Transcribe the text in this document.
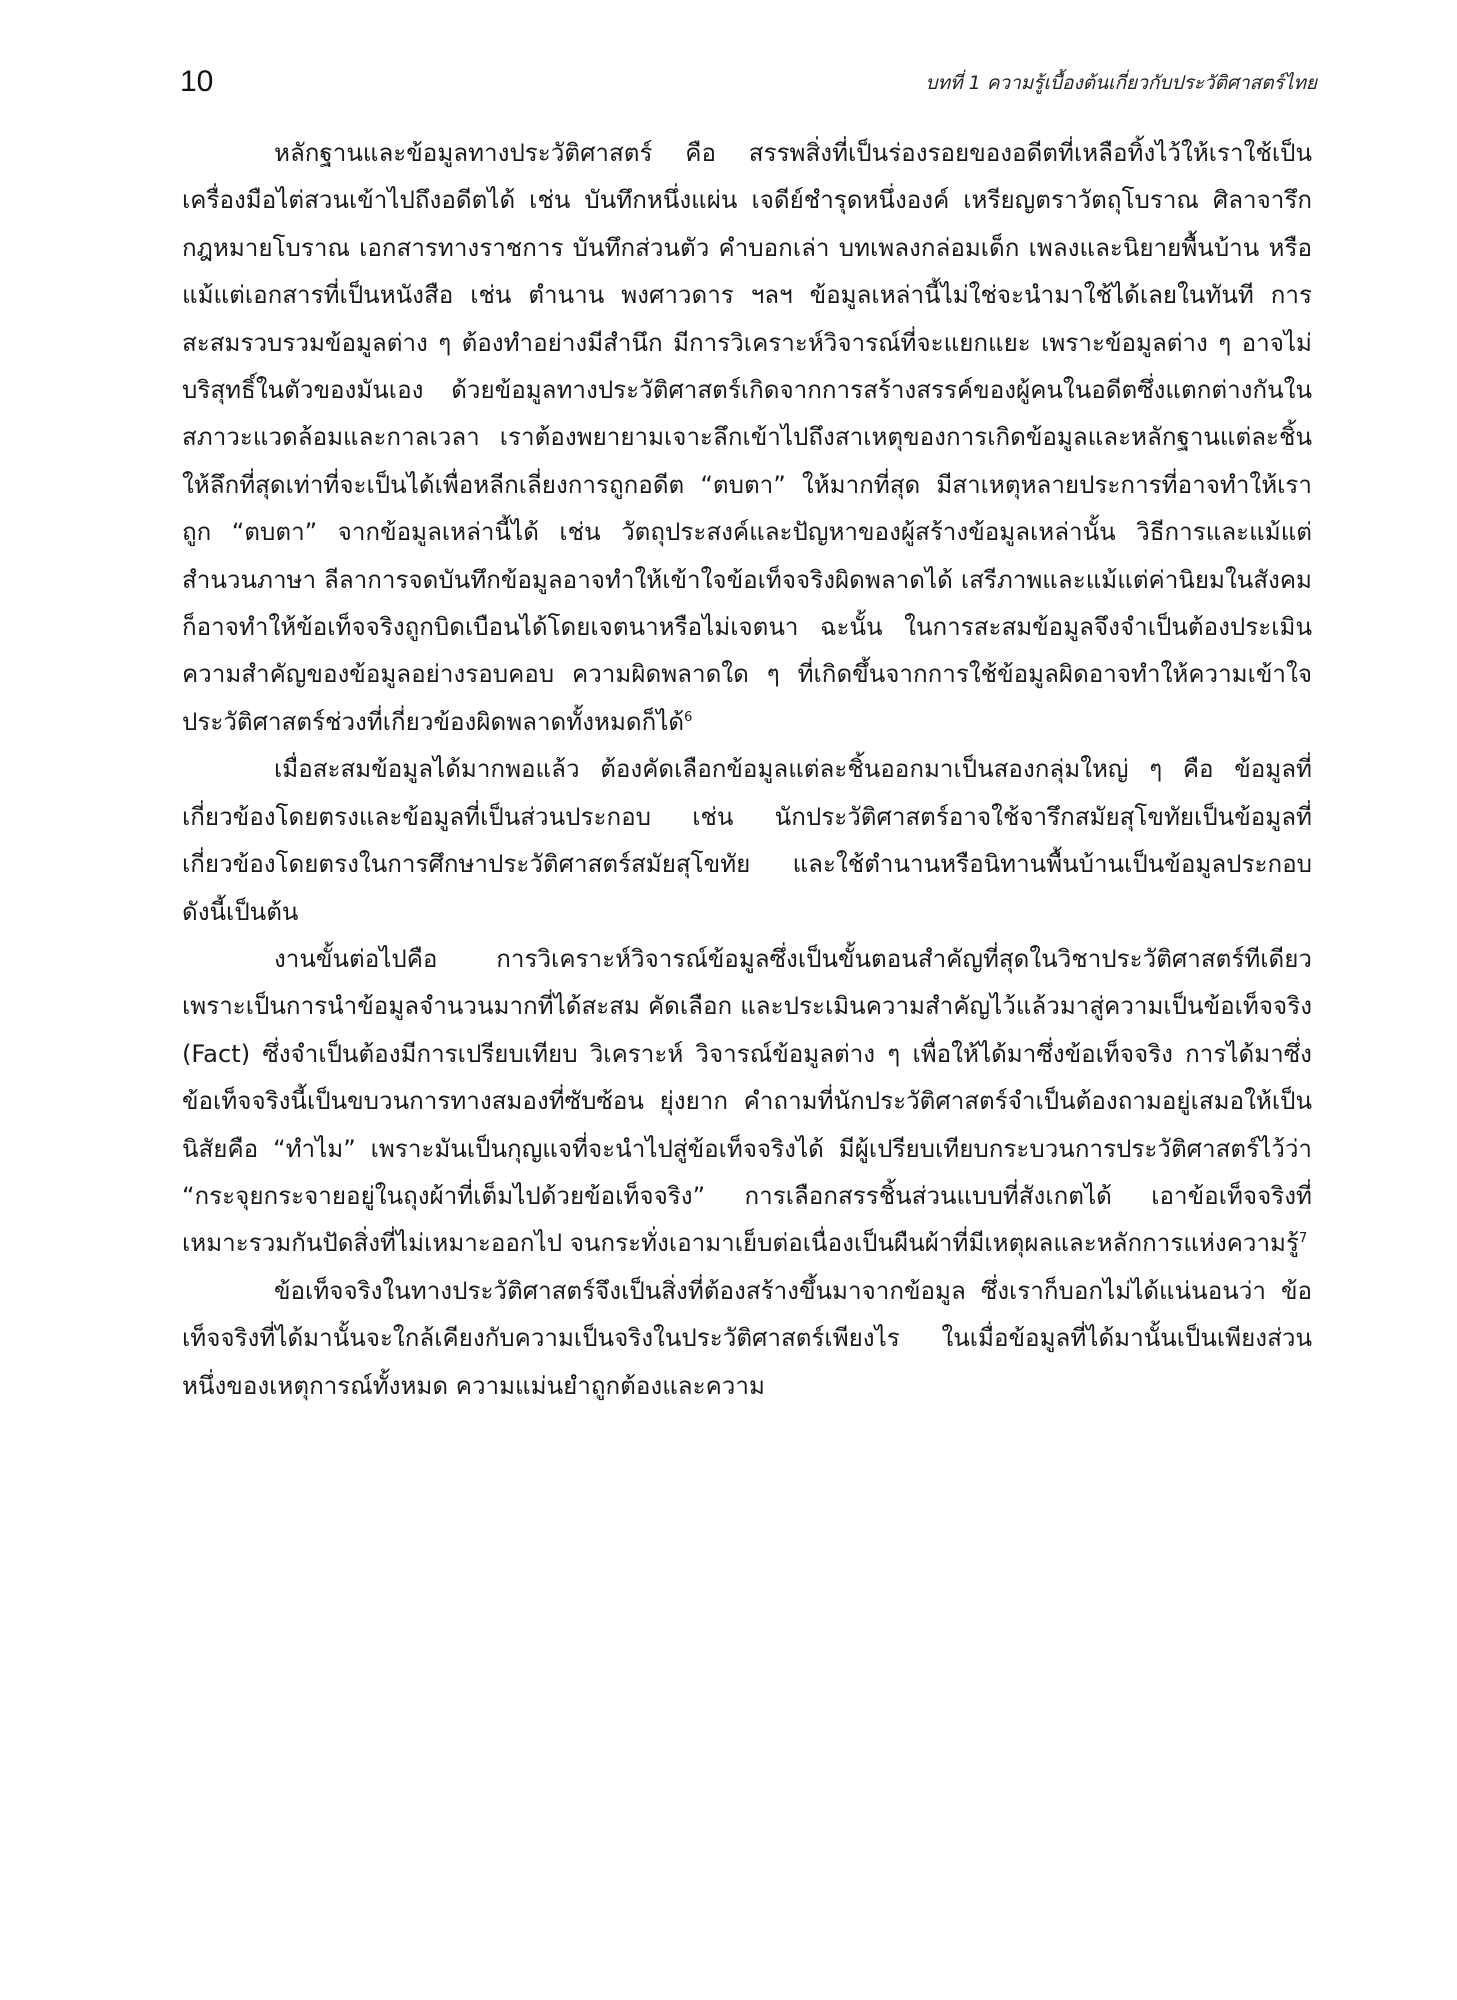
10	บทที่ 1 ความรู้เบื้องต้นเกี่ยวกับประวัติศาสตร์ไทย

หลักฐานและข้อมูลทางประวัติศาสตร์ คือ สรรพสิ่งที่เป็นร่องรอยของอดีตที่เหลือทิ้งไว้ให้เราใช้เป็นเครื่องมือไต่สวนเข้าไปถึงอดีตได้ เช่น บันทึกหนึ่งแผ่น เจดีย์ชำรุดหนึ่งองค์ เหรียญตราวัตถุโบราณ ศิลาจารึก กฎหมายโบราณ เอกสารทางราชการ บันทึกส่วนตัว คำบอกเล่า บทเพลงกล่อมเด็ก เพลงและนิยายพื้นบ้าน หรือแม้แต่เอกสารที่เป็นหนังสือ เช่น ตำนาน พงศาวดาร ฯลฯ ข้อมูลเหล่านี้ไม่ใช่จะนำมาใช้ได้เลยในทันที การสะสมรวบรวมข้อมูลต่าง ๆ ต้องทำอย่างมีสำนึก มีการวิเคราะห์วิจารณ์ที่จะแยกแยะ เพราะข้อมูลต่าง ๆ อาจไม่บริสุทธิ์ในตัวของมันเอง ด้วยข้อมูลทางประวัติศาสตร์เกิดจากการสร้างสรรค์ของผู้คนในอดีตซึ่งแตกต่างกันในสภาวะแวดล้อมและกาลเวลา เราต้องพยายามเจาะลึกเข้าไปถึงสาเหตุของการเกิดข้อมูลและหลักฐานแต่ละชิ้นให้ลึกที่สุดเท่าที่จะเป็นได้เพื่อหลีกเลี่ยงการถูกอดีต “ตบตา” ให้มากที่สุด มีสาเหตุหลายประการที่อาจทำให้เราถูก “ตบตา” จากข้อมูลเหล่านี้ได้ เช่น วัตถุประสงค์และปัญหาของผู้สร้างข้อมูลเหล่านั้น วิธีการและแม้แต่สำนวนภาษา ลีลาการจดบันทึกข้อมูลอาจทำให้เข้าใจข้อเท็จจริงผิดพลาดได้ เสรีภาพและแม้แต่ค่านิยมในสังคมก็อาจทำให้ข้อเท็จจริงถูกบิดเบือนได้โดยเจตนาหรือไม่เจตนา ฉะนั้น ในการสะสมข้อมูลจึงจำเป็นต้องประเมินความสำคัญของข้อมูลอย่างรอบคอบ ความผิดพลาดใด ๆ ที่เกิดขึ้นจากการใช้ข้อมูลผิดอาจทำให้ความเข้าใจประวัติศาสตร์ช่วงที่เกี่ยวข้องผิดพลาดทั้งหมดก็ได้$^6$

เมื่อสะสมข้อมูลได้มากพอแล้ว ต้องคัดเลือกข้อมูลแต่ละชิ้นออกมาเป็นสองกลุ่มใหญ่ ๆ คือ ข้อมูลที่เกี่ยวข้องโดยตรงและข้อมูลที่เป็นส่วนประกอบ เช่น นักประวัติศาสตร์อาจใช้จารึกสมัยสุโขทัยเป็นข้อมูลที่เกี่ยวข้องโดยตรงในการศึกษาประวัติศาสตร์สมัยสุโขทัย และใช้ตำนานหรือนิทานพื้นบ้านเป็นข้อมูลประกอบ ดังนี้เป็นต้น

งานขั้นต่อไปคือ การวิเคราะห์วิจารณ์ข้อมูลซึ่งเป็นขั้นตอนสำคัญที่สุดในวิชาประวัติศาสตร์ทีเดียว เพราะเป็นการนำข้อมูลจำนวนมากที่ได้สะสม คัดเลือก และประเมินความสำคัญไว้แล้วมาสู่ความเป็นข้อเท็จจริง (Fact) ซึ่งจำเป็นต้องมีการเปรียบเทียบ วิเคราะห์ วิจารณ์ข้อมูลต่าง ๆ เพื่อให้ได้มาซึ่งข้อเท็จจริง การได้มาซึ่งข้อเท็จจริงนี้เป็นขบวนการทางสมองที่ซับซ้อน ยุ่งยาก คำถามที่นักประวัติศาสตร์จำเป็นต้องถามอยู่เสมอให้เป็นนิสัยคือ “ทำไม” เพราะมันเป็นกุญแจที่จะนำไปสู่ข้อเท็จจริงได้ มีผู้เปรียบเทียบกระบวนการประวัติศาสตร์ไว้ว่า “กระจุยกระจายอยู่ในถุงผ้าที่เต็มไปด้วยข้อเท็จจริง” การเลือกสรรชิ้นส่วนแบบที่สังเกตได้ เอาข้อเท็จจริงที่เหมาะรวมกันปัดสิ่งที่ไม่เหมาะออกไป จนกระทั่งเอามาเย็บต่อเนื่องเป็นผืนผ้าที่มีเหตุผลและหลักการแห่งความรู้$^7$

ข้อเท็จจริงในทางประวัติศาสตร์จึงเป็นสิ่งที่ต้องสร้างขึ้นมาจากข้อมูล ซึ่งเราก็บอกไม่ได้แน่นอนว่า ข้อเท็จจริงที่ได้มานั้นจะใกล้เคียงกับความเป็นจริงในประวัติศาสตร์เพียงไร ในเมื่อข้อมูลที่ได้มานั้นเป็นเพียงส่วนหนึ่งของเหตุการณ์ทั้งหมด ความแม่นยำถูกต้องและความ
